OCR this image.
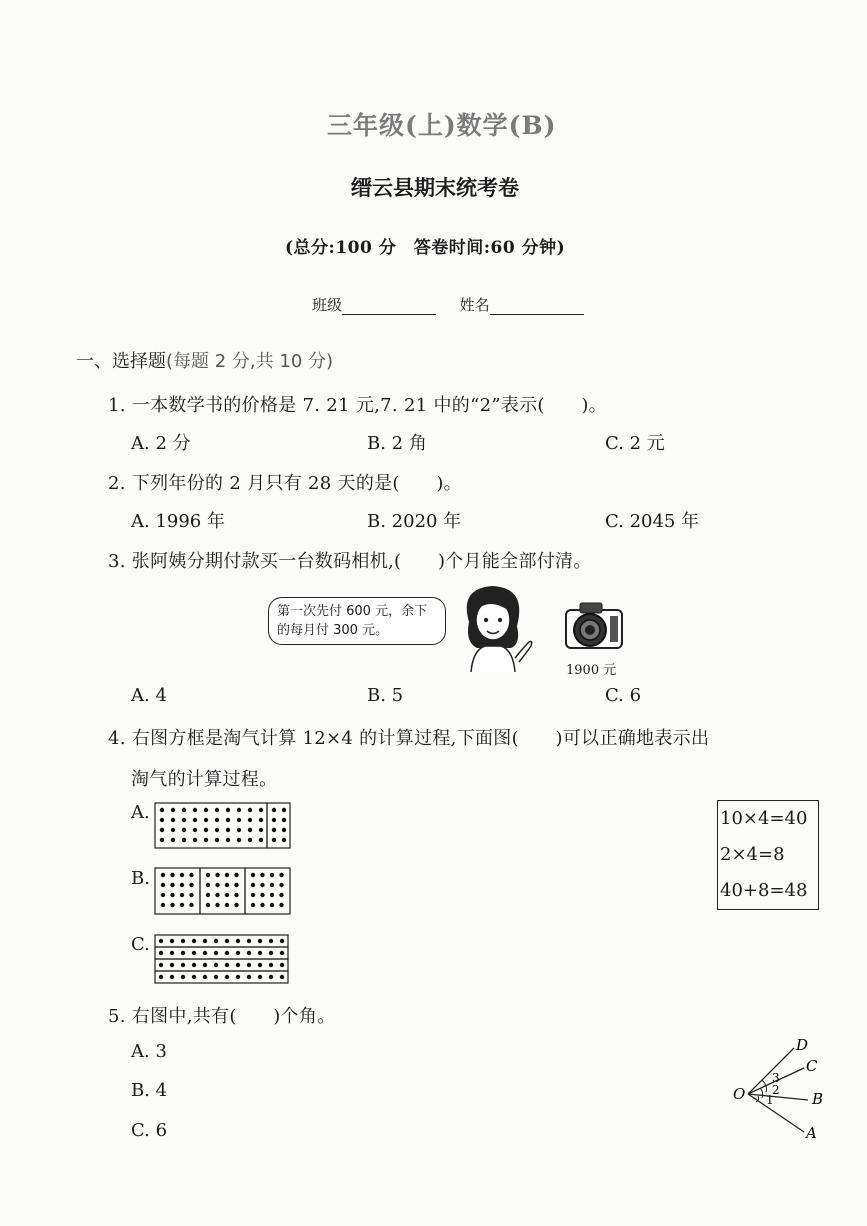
三年级(上)数学(B)
缙云县期末统考卷
(总分:100 分　答卷时间:60 分钟)
班级	姓名
一、选择题(每题 2 分,共 10 分)
1. 一本数学书的价格是 7. 21 元,7. 21 中的“2”表示(　　)。
A. 2 分	B. 2 角	C. 2 元
2. 下列年份的 2 月只有 28 天的是(　　)。
A. 1996 年	B. 2020 年	C. 2045 年
3. 张阿姨分期付款买一台数码相机,(　　)个月能全部付清。
第一次先付 600 元，余下的每月付 300 元。
1900 元
A. 4	B. 5	C. 6
4. 右图方框是淘气计算 12×4 的计算过程,下面图(　　)可以正确地表示出
淘气的计算过程。
A.
B.
C.
10×4=40
2×4=8
40+8=48
5. 右图中,共有(　　)个角。
A. 3
B. 4
C. 6
O
D
C
B
A
3
2
1
